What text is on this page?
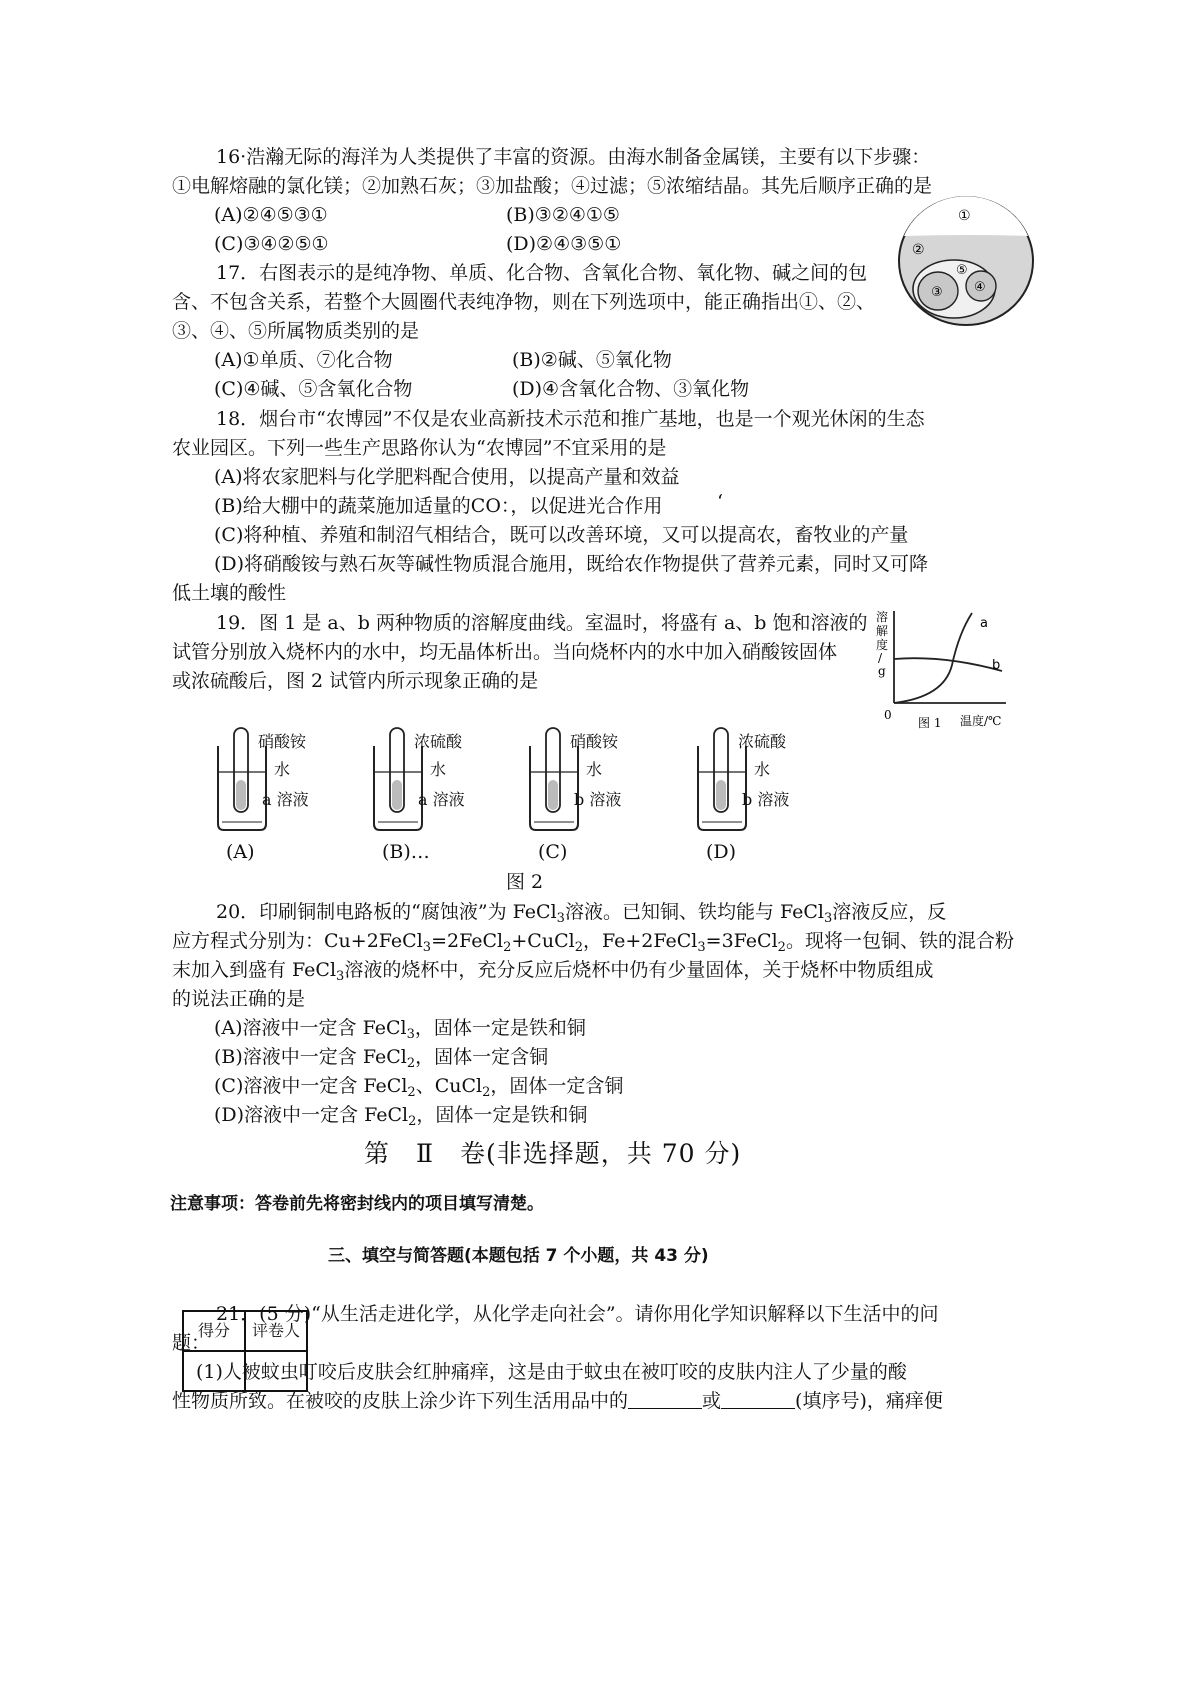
16·浩瀚无际的海洋为人类提供了丰富的资源。由海水制备金属镁，主要有以下步骤：
①电解熔融的氯化镁；②加熟石灰；③加盐酸；④过滤；⑤浓缩结晶。其先后顺序正确的是
(A)②④⑤③①	(B)③②④①⑤
(C)③④②⑤①	(D)②④③⑤①
①
②
⑤
③ ④
17．右图表示的是纯净物、单质、化合物、含氧化合物、氧化物、碱之间的包
含、不包含关系，若整个大圆圈代表纯净物，则在下列选项中，能正确指出①、②、
③、④、⑤所属物质类别的是
(A)①单质、⑦化合物	(B)②碱、⑤氧化物
(C)④碱、⑤含氧化合物	(D)④含氧化合物、③氧化物
18．烟台市“农博园”不仅是农业高新技术示范和推广基地，也是一个观光休闲的生态
农业园区。下列一些生产思路你认为“农博园”不宜采用的是
(A)将农家肥料与化学肥料配合使用，以提高产量和效益
(B)给大棚中的蔬菜施加适量的CO：，以促进光合作用	‘
(C)将种植、养殖和制沼气相结合，既可以改善环境，又可以提高农，畜牧业的产量
(D)将硝酸铵与熟石灰等碱性物质混合施用，既给农作物提供了营养元素，同时又可降
低土壤的酸性
19．图 1 是 a、b 两种物质的溶解度曲线。室温时，将盛有 a、b 饱和溶液的
试管分别放入烧杯内的水中，均无晶体析出。当向烧杯内的水中加入硝酸铵固体
或浓硫酸后，图 2 试管内所示现象正确的是
溶
解
度
/
g
a
b
0
图 1 温度/℃
硝酸铵
水
a 溶液
(A)
浓硫酸
水
a 溶液
(B)…
硝酸铵
水
b 溶液
(C)
浓硫酸
水
b 溶液
(D)
图 2
20．印刷铜制电路板的“腐蚀液”为 FeCl$_3$溶液。已知铜、铁均能与 FeCl$_3$溶液反应，反
应方程式分别为：Cu+2FeCl$_3$=2FeCl$_2$+CuCl$_2$，Fe+2FeCl$_3$=3FeCl$_2$。现将一包铜、铁的混合粉
末加入到盛有 FeCl$_3$溶液的烧杯中，充分反应后烧杯中仍有少量固体，关于烧杯中物质组成
的说法正确的是
(A)溶液中一定含 FeCl$_3$，固体一定是铁和铜
(B)溶液中一定含 FeCl$_2$，固体一定含铜
(C)溶液中一定含 FeCl$_2$、CuCl$_2$，固体一定含铜
(D)溶液中一定含 FeCl$_2$，固体一定是铁和铜
第　Ⅱ　卷(非选择题，共 70 分)
注意事项：答卷前先将密封线内的项目填写清楚。
得分	评卷人

三、填空与简答题(本题包括 7 个小题，共 43 分)
21．(5 分)“从生活走进化学，从化学走向社会”。请你用化学知识解释以下生活中的问
题：
(1)人被蚊虫叮咬后皮肤会红肿痛痒，这是由于蚊虫在被叮咬的皮肤内注人了少量的酸
性物质所致。在被咬的皮肤上涂少许下列生活用品中的	或	(填序号)，痛痒便
